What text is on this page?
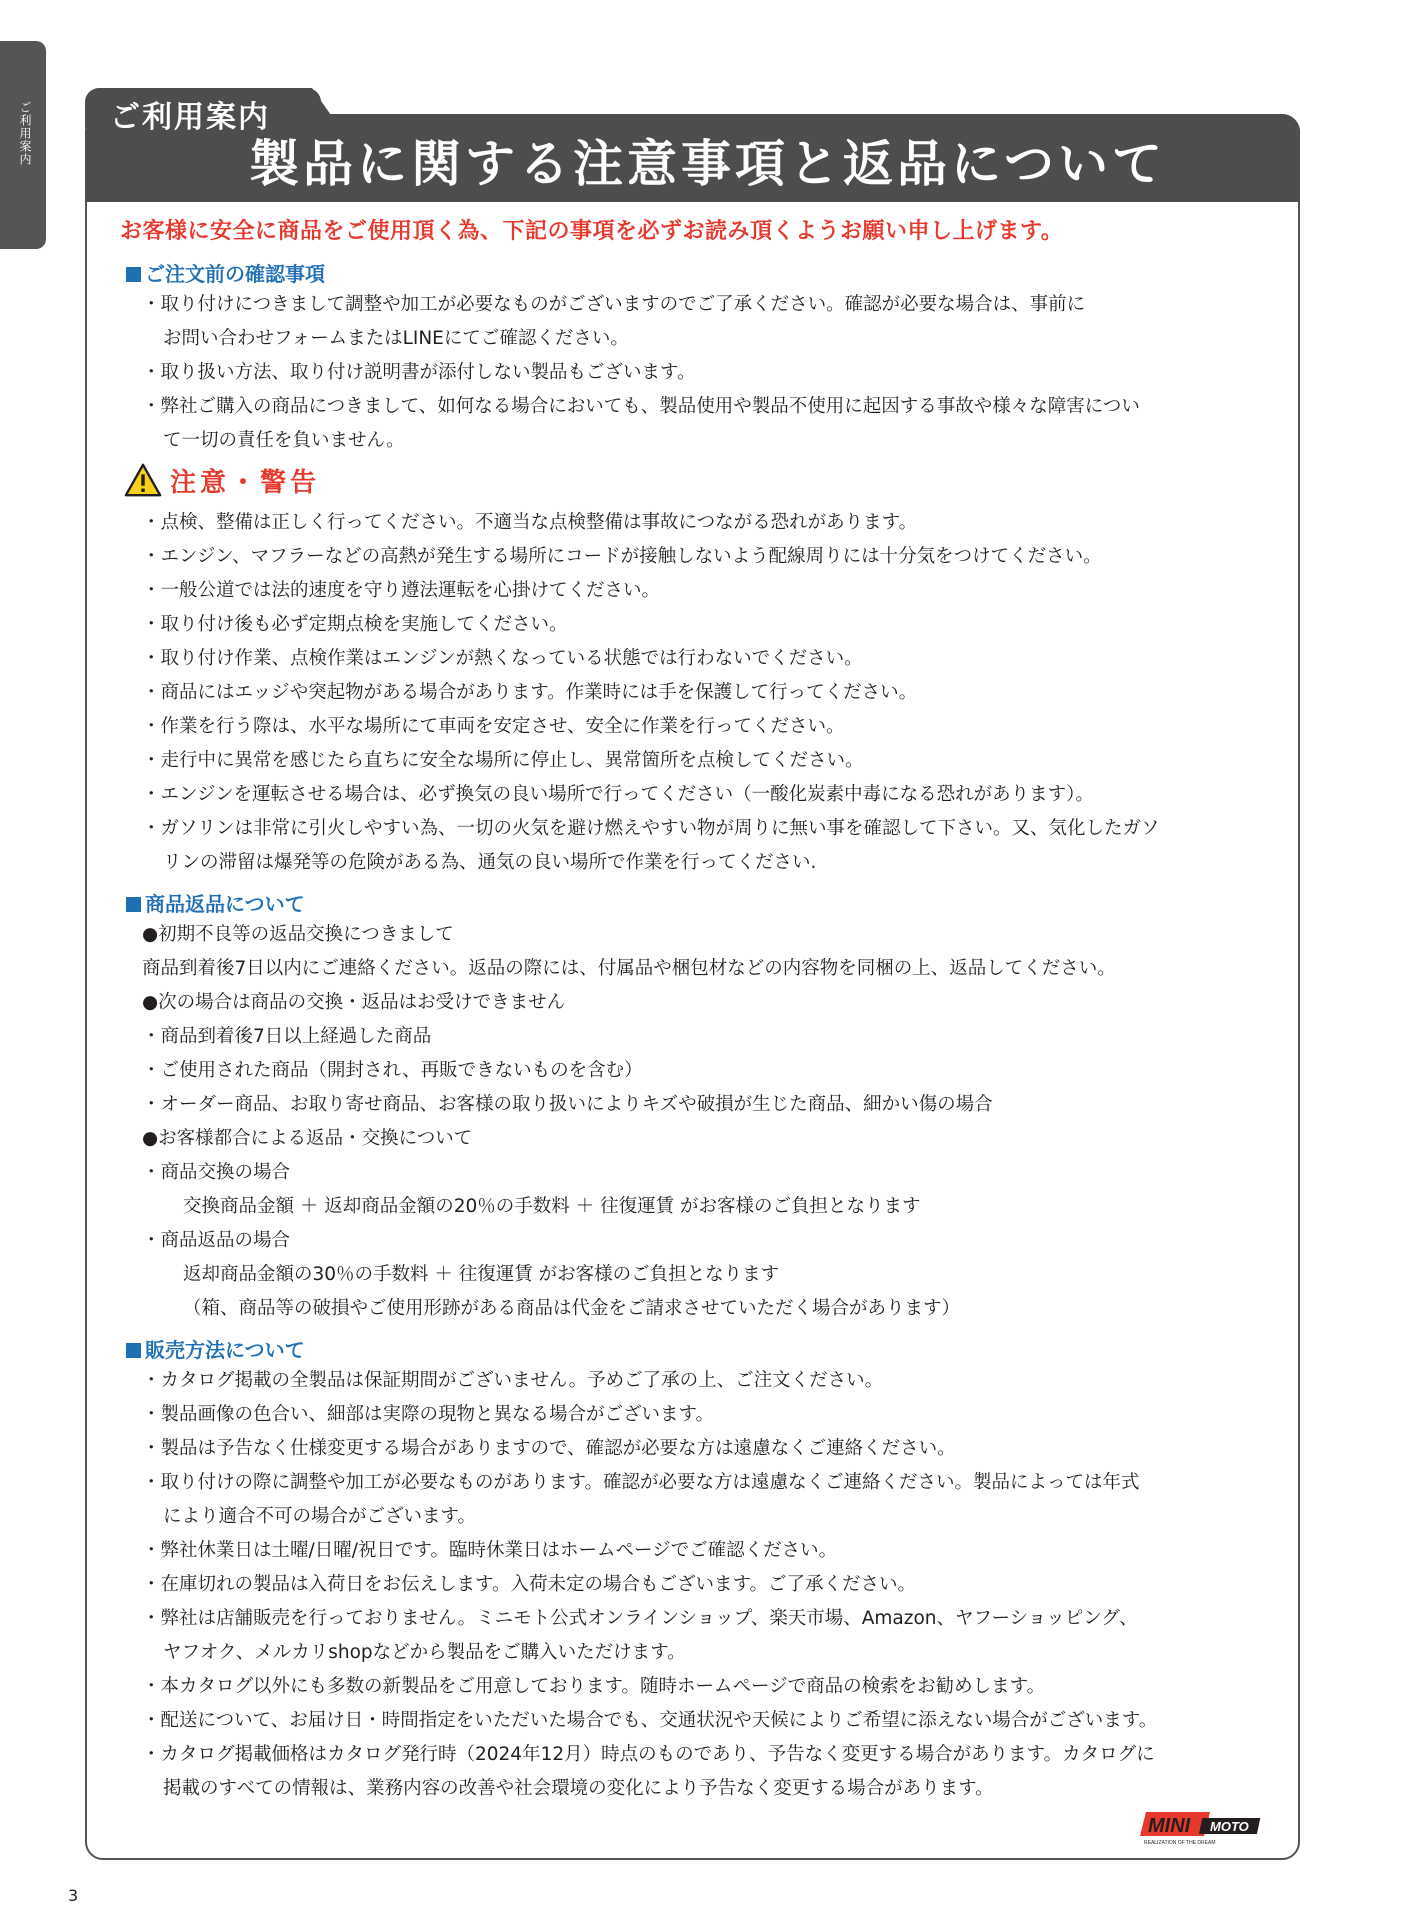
ご利用案内	ご利用案内
製品に関する注意事項と返品について
お客様に安全に商品をご使用頂く為、下記の事項を必ずお読み頂くようお願い申し上げます。
ご注文前の確認事項
・取り付けにつきまして調整や加工が必要なものがございますのでご了承ください。確認が必要な場合は、事前に
お問い合わせフォームまたはLINEにてご確認ください。
・取り扱い方法、取り付け説明書が添付しない製品もございます。
・弊社ご購入の商品につきまして、如何なる場合においても、製品使用や製品不使用に起因する事故や様々な障害につい
て一切の責任を負いません。
注意・警告
・点検、整備は正しく行ってください。不適当な点検整備は事故につながる恐れがあります。
・エンジン、マフラーなどの高熱が発生する場所にコードが接触しないよう配線周りには十分気をつけてください。
・一般公道では法的速度を守り遵法運転を心掛けてください。
・取り付け後も必ず定期点検を実施してください。
・取り付け作業、点検作業はエンジンが熱くなっている状態では行わないでください。
・商品にはエッジや突起物がある場合があります。作業時には手を保護して行ってください。
・作業を行う際は、水平な場所にて車両を安定させ、安全に作業を行ってください。
・走行中に異常を感じたら直ちに安全な場所に停止し、異常箇所を点検してください。
・エンジンを運転させる場合は、必ず換気の良い場所で行ってください（一酸化炭素中毒になる恐れがあります）。
・ガソリンは非常に引火しやすい為、一切の火気を避け燃えやすい物が周りに無い事を確認して下さい。又、気化したガソ
リンの滞留は爆発等の危険がある為、通気の良い場所で作業を行ってください.
商品返品について
●初期不良等の返品交換につきまして
商品到着後7日以内にご連絡ください。返品の際には、付属品や梱包材などの内容物を同梱の上、返品してください。
●次の場合は商品の交換・返品はお受けできません
・商品到着後7日以上経過した商品
・ご使用された商品（開封され、再販できないものを含む）
・オーダー商品、お取り寄せ商品、お客様の取り扱いによりキズや破損が生じた商品、細かい傷の場合
●お客様都合による返品・交換について
・商品交換の場合
交換商品金額 ＋ 返却商品金額の20％の手数料 ＋ 往復運賃 がお客様のご負担となります
・商品返品の場合
返却商品金額の30％の手数料 ＋ 往復運賃 がお客様のご負担となります
（箱、商品等の破損やご使用形跡がある商品は代金をご請求させていただく場合があります）
販売方法について
・カタログ掲載の全製品は保証期間がございません。予めご了承の上、ご注文ください。
・製品画像の色合い、細部は実際の現物と異なる場合がございます。
・製品は予告なく仕様変更する場合がありますので、確認が必要な方は遠慮なくご連絡ください。
・取り付けの際に調整や加工が必要なものがあります。確認が必要な方は遠慮なくご連絡ください。製品によっては年式
により適合不可の場合がございます。
・弊社休業日は土曜/日曜/祝日です。臨時休業日はホームページでご確認ください。
・在庫切れの製品は入荷日をお伝えします。入荷未定の場合もございます。ご了承ください。
・弊社は店舗販売を行っておりません。ミニモト公式オンラインショップ、楽天市場、Amazon、ヤフーショッピング、
ヤフオク、メルカリshopなどから製品をご購入いただけます。
・本カタログ以外にも多数の新製品をご用意しております。随時ホームページで商品の検索をお勧めします。
・配送について、お届け日・時間指定をいただいた場合でも、交通状況や天候によりご希望に添えない場合がございます。
・カタログ掲載価格はカタログ発行時（2024年12月）時点のものであり、予告なく変更する場合があります。カタログに
掲載のすべての情報は、業務内容の改善や社会環境の変化により予告なく変更する場合があります。
MINI MOTO
REALIZATION OF THE DREAM
3
